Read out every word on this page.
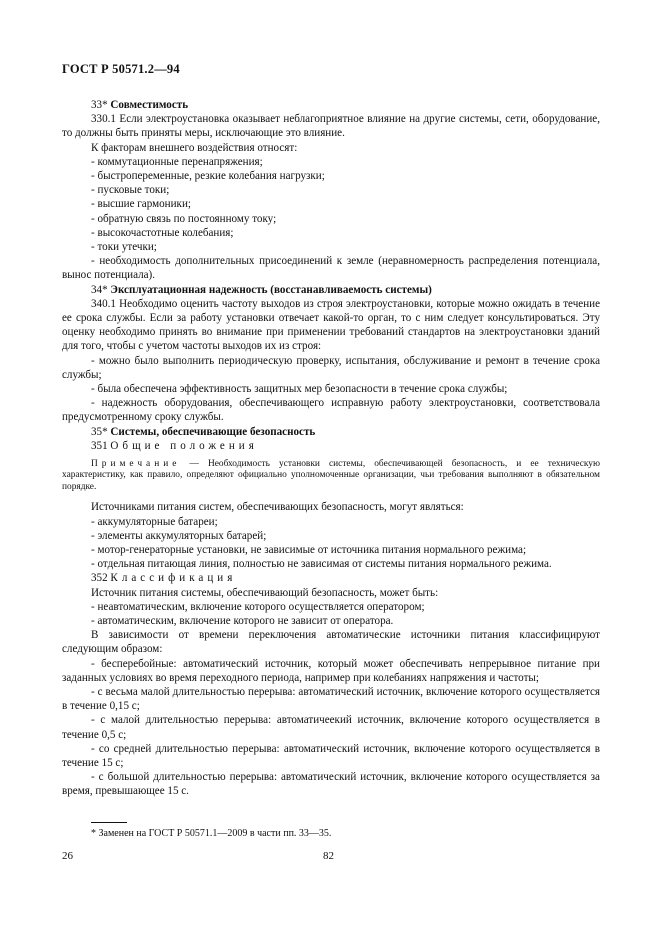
ГОСТ Р 50571.2—94

33* Совместимость

330.1 Если электроустановка оказывает неблагоприятное влияние на другие системы, сети, оборудование, то должны быть приняты меры, исключающие это влияние.

К факторам внешнего воздействия относят:

- коммутационные перенапряжения;

- быстропеременные, резкие колебания нагрузки;

- пусковые токи;

- высшие гармоники;

- обратную связь по постоянному току;

- высокочастотные колебания;

- токи утечки;

- необходимость дополнительных присоединений к земле (неравномерность распределения потенциала, вынос потенциала).

34* Эксплуатационная надежность (восстанавливаемость системы)

340.1 Необходимо оценить частоту выходов из строя электроустановки, которые можно ожидать в течение ее срока службы. Если за работу установки отвечает какой-то орган, то с ним следует консультироваться. Эту оценку необходимо принять во внимание при применении требований стандартов на электроустановки зданий для того, чтобы с учетом частоты выходов их из строя:

- можно было выполнить периодическую проверку, испытания, обслуживание и ремонт в течение срока службы;

- была обеспечена эффективность защитных мер безопасности в течение срока службы;

- надежность оборудования, обеспечивающего исправную работу электроустановки, соответствовала предусмотренному сроку службы.

35* Системы, обеспечивающие безопасность

351 Общие положения

Примечание — Необходимость установки системы, обеспечивающей безопасность, и ее техническую характеристику, как правило, определяют официально уполномоченные организации, чьи требования выполняют в обязательном порядке.

Источниками питания систем, обеспечивающих безопасность, могут являться:

- аккумуляторные батареи;

- элементы аккумуляторных батарей;

- мотор-генераторные установки, не зависимые от источника питания нормального режима;

- отдельная питающая линия, полностью не зависимая от системы питания нормального режима.

352 Классификация

Источник питания системы, обеспечивающий безопасность, может быть:

- неавтоматическим, включение которого осуществляется оператором;

- автоматическим, включение которого не зависит от оператора.

В зависимости от времени переключения автоматические источники питания классифицируют следующим образом:

- бесперебойные: автоматический источник, который может обеспечивать непрерывное питание при заданных условиях во время переходного периода, например при колебаниях напряжения и частоты;

- с весьма малой длительностью перерыва: автоматический источник, включение которого осуществляется в течение 0,15 с;

- с малой длительностью перерыва: автоматичеекий источник, включение которого осуществляется в течение 0,5 с;

- со средней длительностью перерыва: автоматический источник, включение которого осуществляется в течение 15 с;

- с большой длительностью перерыва: автоматический источник, включение которого осуществляется за время, превышающее 15 с.

* Заменен на ГОСТ Р 50571.1—2009 в части пп. 33—35.
26	82
